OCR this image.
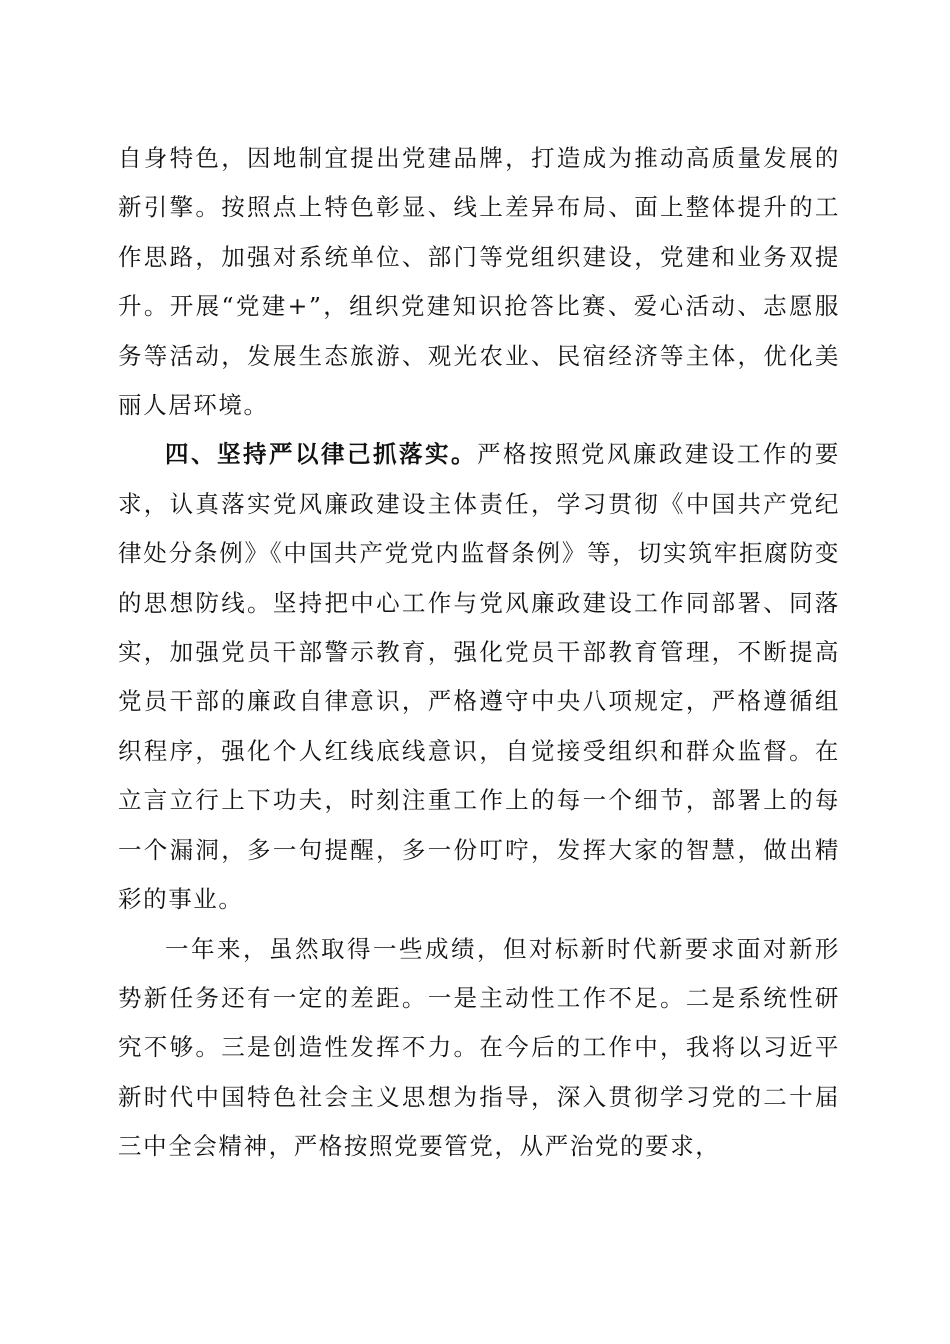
自身特色，因地制宜提出党建品牌，打造成为推动高质量发展的新引擎。按照点上特色彰显、线上差异布局、面上整体提升的工作思路，加强对系统单位、部门等党组织建设，党建和业务双提升。开展“党建+”，组织党建知识抢答比赛、爱心活动、志愿服务等活动，发展生态旅游、观光农业、民宿经济等主体，优化美丽人居环境。

四、坚持严以律己抓落实。严格按照党风廉政建设工作的要求，认真落实党风廉政建设主体责任，学习贯彻《中国共产党纪律处分条例》《中国共产党党内监督条例》等，切实筑牢拒腐防变的思想防线。坚持把中心工作与党风廉政建设工作同部署、同落实，加强党员干部警示教育，强化党员干部教育管理，不断提高党员干部的廉政自律意识，严格遵守中央八项规定，严格遵循组织程序，强化个人红线底线意识，自觉接受组织和群众监督。在立言立行上下功夫，时刻注重工作上的每一个细节，部署上的每一个漏洞，多一句提醒，多一份叮咛，发挥大家的智慧，做出精彩的事业。

一年来，虽然取得一些成绩，但对标新时代新要求面对新形势新任务还有一定的差距。一是主动性工作不足。二是系统性研究不够。三是创造性发挥不力。在今后的工作中，我将以习近平新时代中国特色社会主义思想为指导，深入贯彻学习党的二十届三中全会精神，严格按照党要管党，从严治党的要求，
